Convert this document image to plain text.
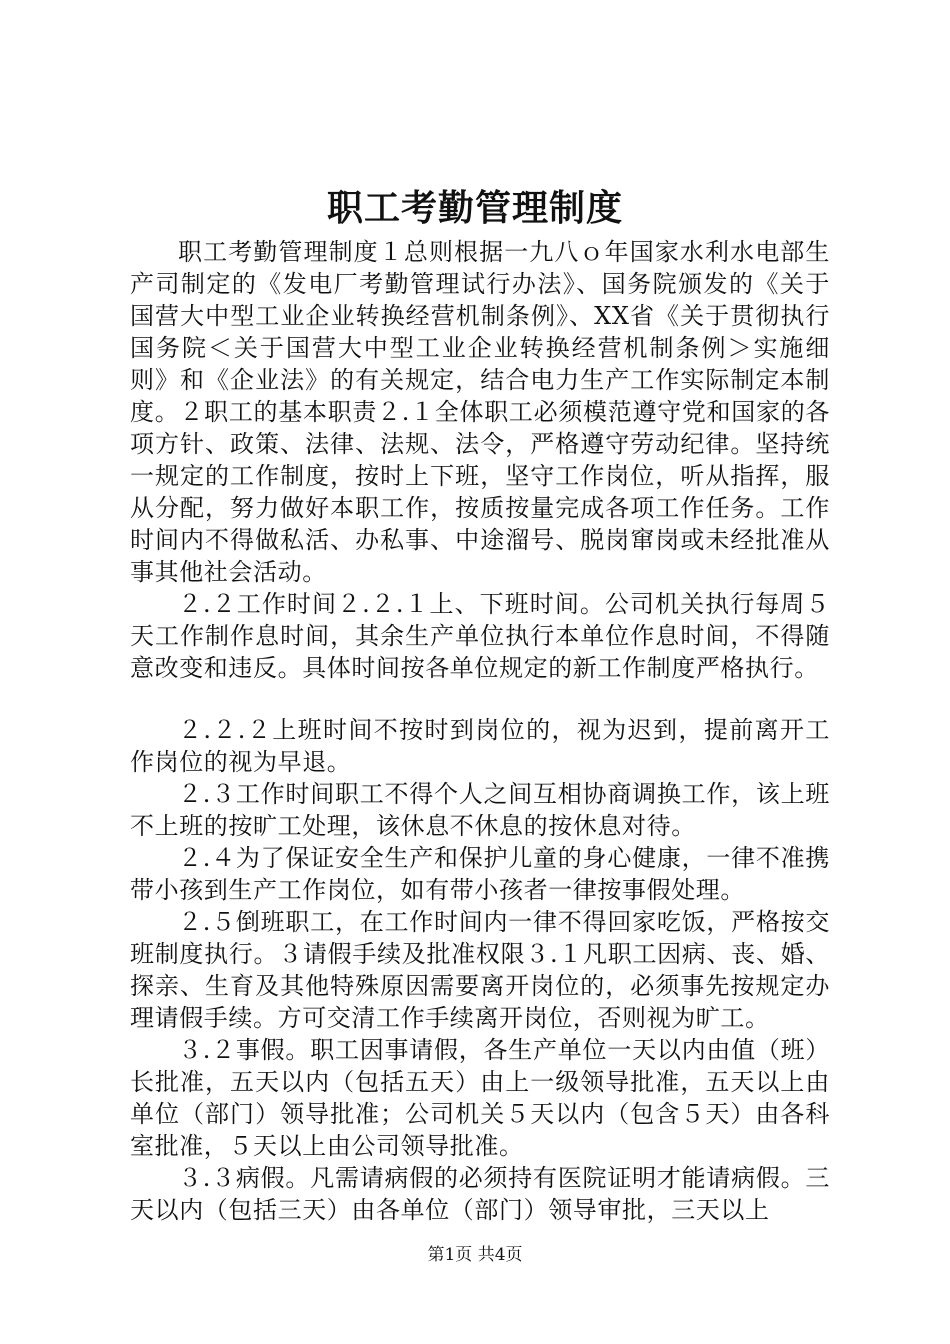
职工考勤管理制度

职工考勤管理制度１总则根据一九八ｏ年国家水利水电部生产司制定的《发电厂考勤管理试行办法》、国务院颁发的《关于国营大中型工业企业转换经营机制条例》、XX省《关于贯彻执行国务院＜关于国营大中型工业企业转换经营机制条例＞实施细则》和《企业法》的有关规定，结合电力生产工作实际制定本制度。２职工的基本职责２.１全体职工必须模范遵守党和国家的各项方针、政策、法律、法规、法令，严格遵守劳动纪律。坚持统一规定的工作制度，按时上下班，坚守工作岗位，听从指挥，服从分配，努力做好本职工作，按质按量完成各项工作任务。工作时间内不得做私活、办私事、中途溜号、脱岗窜岗或未经批准从事其他社会活动。

２.２工作时间２.２.１上、下班时间。公司机关执行每周５天工作制作息时间，其余生产单位执行本单位作息时间，不得随意改变和违反。具体时间按各单位规定的新工作制度严格执行。

２.２.２上班时间不按时到岗位的，视为迟到，提前离开工作岗位的视为早退。

２.３工作时间职工不得个人之间互相协商调换工作，该上班不上班的按旷工处理，该休息不休息的按休息对待。

２.４为了保证安全生产和保护儿童的身心健康，一律不准携带小孩到生产工作岗位，如有带小孩者一律按事假处理。

２.５倒班职工，在工作时间内一律不得回家吃饭，严格按交班制度执行。３请假手续及批准权限３.１凡职工因病、丧、婚、探亲、生育及其他特殊原因需要离开岗位的，必须事先按规定办理请假手续。方可交清工作手续离开岗位，否则视为旷工。

３.２事假。职工因事请假，各生产单位一天以内由值（班）长批准，五天以内（包括五天）由上一级领导批准，五天以上由单位（部门）领导批准；公司机关５天以内（包含５天）由各科室批准，５天以上由公司领导批准。

３.３病假。凡需请病假的必须持有医院证明才能请病假。三天以内（包括三天）由各单位（部门）领导审批，三天以上

第1页 共4页
